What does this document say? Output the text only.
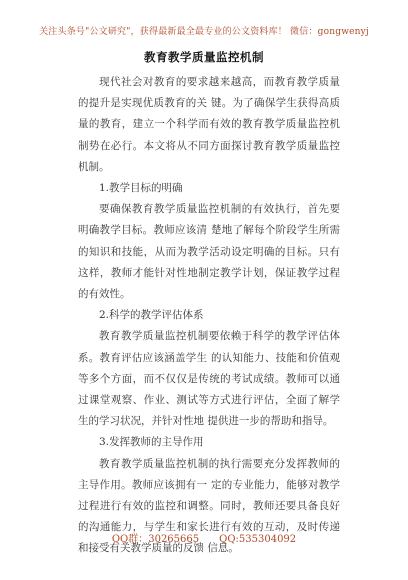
关注头条号"公文研究"，获得最新最全最专业的公文资料库！ 微信：gongwenyj
教育教学质量监控机制

现代社会对教育的要求越来越高，而教育教学质量的提升是实现优质教育的关 键。为了确保学生获得高质量的教育，建立一个科学而有效的教育教学质量监控机 制势在必行。本文将从不同方面探讨教育教学质量监控机制。

1.教学目标的明确

要确保教育教学质量监控机制的有效执行，首先要明确教学目标。教师应该清 楚地了解每个阶段学生所需的知识和技能，从而为教学活动设定明确的目标。只有 这样，教师才能针对性地制定教学计划，保证教学过程的有效性。

2.科学的教学评估体系

教育教学质量监控机制要依赖于科学的教学评估体系。教育评估应该涵盖学生 的认知能力、技能和价值观等多个方面，而不仅仅是传统的考试成绩。教师可以通 过课堂观察、作业、测试等方式进行评估，全面了解学生的学习状况，并针对性地 提供进一步的帮助和指导。

3.发挥教师的主导作用

教育教学质量监控机制的执行需要充分发挥教师的主导作用。教师应该拥有一 定的专业能力，能够对教学过程进行有效的监控和调整。同时，教师还要具备良好 的沟通能力，与学生和家长进行有效的互动，及时传递和接受有关教学质量的反馈 信息。

QQ群：30265665 QQ:535304092
